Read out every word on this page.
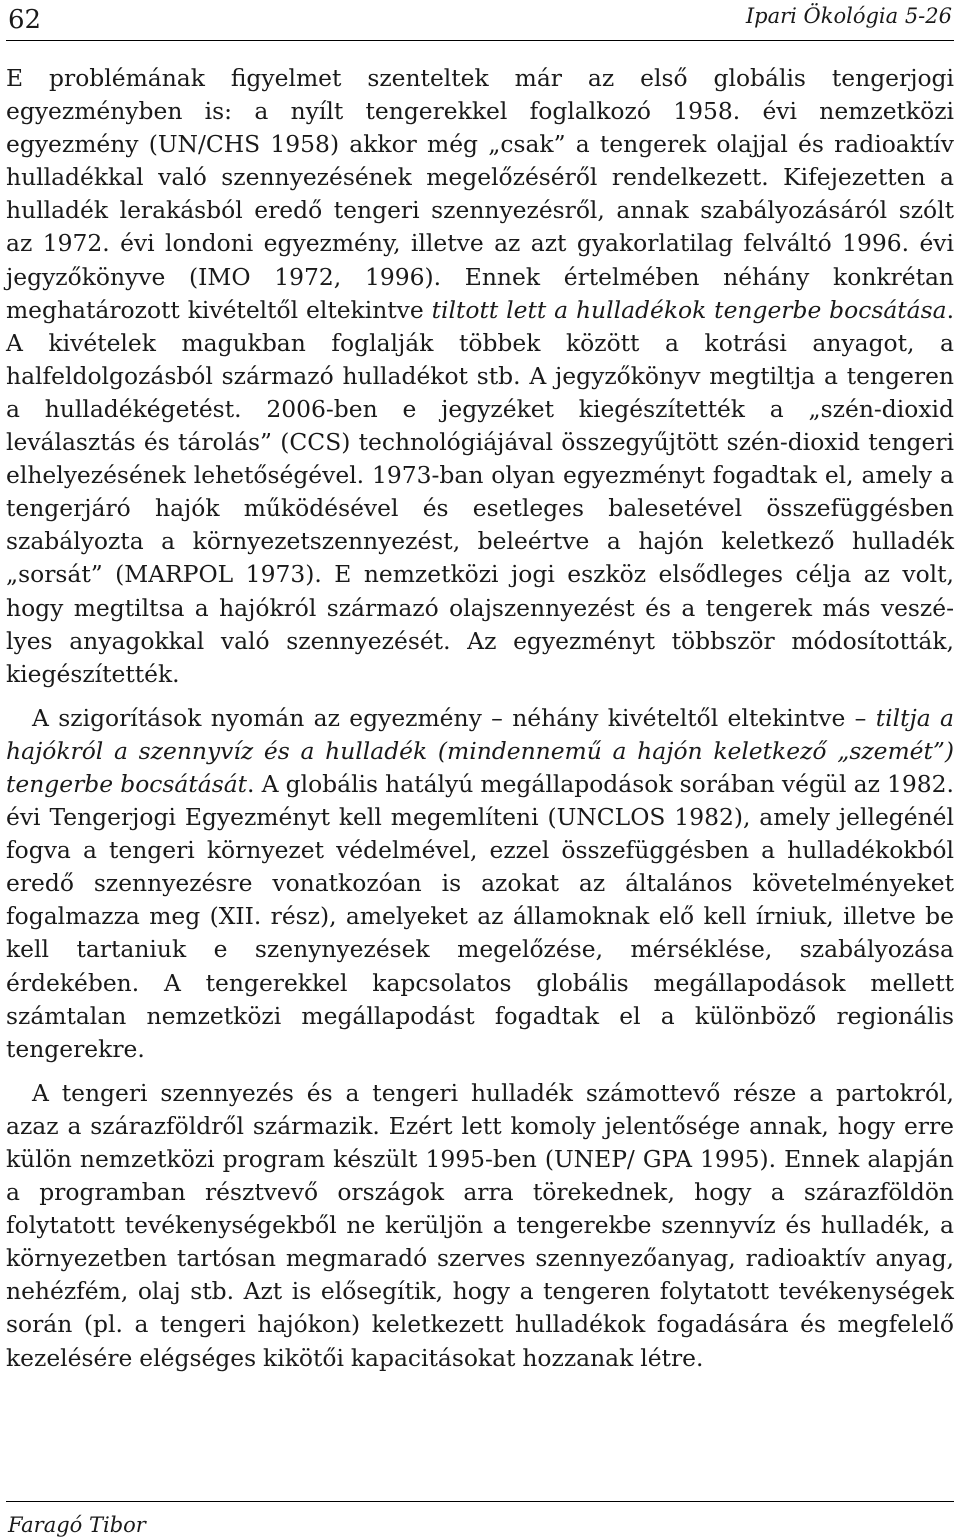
62	Ipari Ökológia 5-26

E problémának figyelmet szenteltek már az első globális tengerjogi egyezményben is: a nyílt tengerekkel foglalkozó 1958. évi nemzetközi egyezmény (UN/CHS 1958) akkor még „csak” a tengerek olajjal és radioaktív hulladékkal való szennyezésének megelőzéséről rendelkezett. Kifejezetten a hulladék lerakásból eredő tengeri szennyezésről, annak szabályozásáról szólt az 1972. évi londoni egyezmény, illetve az azt gyakorlatilag felváltó 1996. évi jegyzőkönyve (IMO 1972, 1996). Ennek értelmében néhány konkrétan meghatározott kivételtől eltekintve tiltott lett a hulladékok tengerbe bocsátása. A kivételek magukban foglalják többek között a kotrási anyagot, a halfeldolgozásból származó hulladékot stb. A jegyzőkönyv megtiltja a tengeren a hulladékégetést. 2006-ben e jegyzéket kiegészítették a „szén-dioxid leválasztás és tárolás” (CCS) technológiájával összegyűjtött szén-dioxid tengeri elhelyezésének lehetőségével. 1973-ban olyan egyezményt fogadtak el, amely a tengerjáró hajók működésével és esetleges balesetével összefüggésben szabályozta a környezetszennyezést, beleértve a hajón keletkező hulladék „sorsát” (MARPOL 1973). E nemzetközi jogi eszköz elsődleges célja az volt, hogy megtiltsa a hajókról származó olajszennyezést és a tengerek más veszélyes anyagokkal való szennyezését. Az egyezményt többször módosították, kiegészítették.

A szigorítások nyomán az egyezmény – néhány kivételtől eltekintve – tiltja a hajókról a szennyvíz és a hulladék (mindennemű a hajón keletkező „szemét”) tengerbe bocsátását. A globális hatályú megállapodások sorában végül az 1982. évi Tengerjogi Egyezményt kell megemlíteni (UNCLOS 1982), amely jellegénél fogva a tengeri környezet védelmével, ezzel összefüggésben a hulladékokból eredő szennyezésre vonatkozóan is azokat az általános követelményeket fogalmazza meg (XII. rész), amelyeket az államoknak elő kell írniuk, illetve be kell tartaniuk e szenynyezések megelőzése, mérséklése, szabályozása érdekében. A tengerekkel kapcsolatos globális megállapodások mellett számtalan nemzetközi megállapodást fogadtak el a különböző regionális tengerekre.

A tengeri szennyezés és a tengeri hulladék számottevő része a partokról, azaz a szárazföldről származik. Ezért lett komoly jelentősége annak, hogy erre külön nemzetközi program készült 1995-ben (UNEP/ GPA 1995). Ennek alapján a programban résztvevő országok arra törekednek, hogy a szárazföldön folytatott tevékenységekből ne kerüljön a tengerekbe szennyvíz és hulladék, a környezetben tartósan megmaradó szerves szennyezőanyag, radioaktív anyag, nehézfém, olaj stb. Azt is elősegítik, hogy a tengeren folytatott tevékenységek során (pl. a tengeri hajókon) keletkezett hulladékok fogadására és megfelelő kezelésére elégséges kikötői kapacitásokat hozzanak létre.

Faragó Tibor
